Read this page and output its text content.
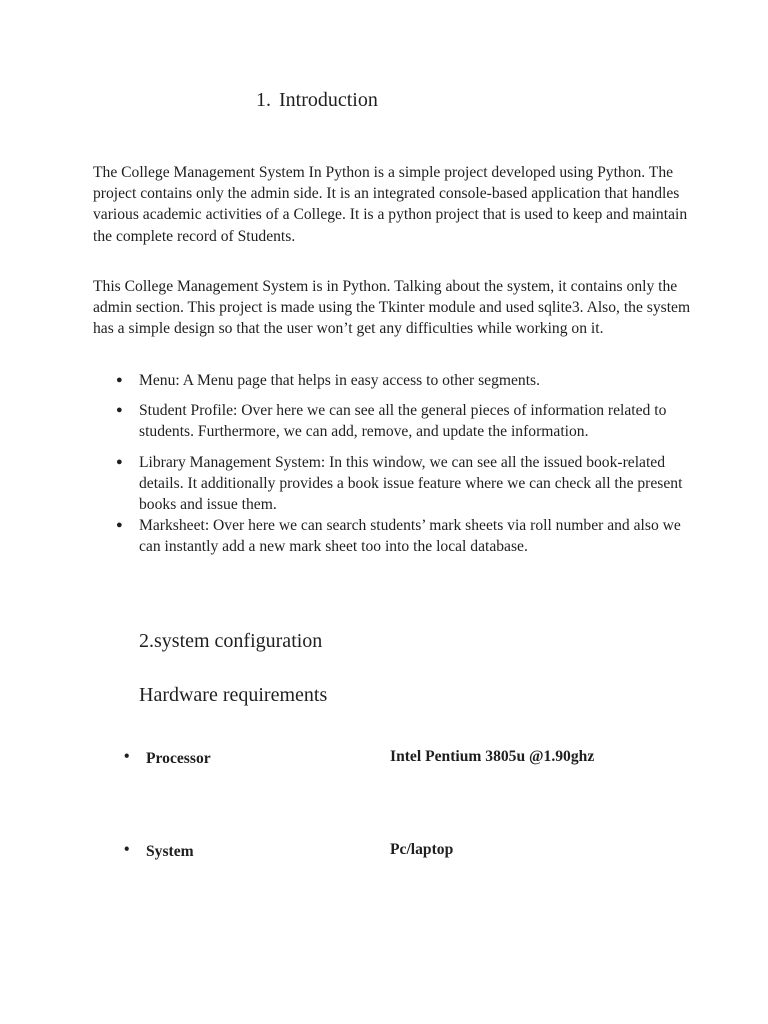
1. Introduction

The College Management System In Python is a simple project developed using Python. The project contains only the admin side. It is an integrated console-based application that handles various academic activities of a College. It is a python project that is used to keep and maintain the complete record of Students.

This College Management System is in Python. Talking about the system, it contains only the admin section. This project is made using the Tkinter module and used sqlite3. Also, the system has a simple design so that the user won’t get any difficulties while working on it.

● Menu: A Menu page that helps in easy access to other segments.
● Student Profile: Over here we can see all the general pieces of information related to students. Furthermore, we can add, remove, and update the information.
● Library Management System: In this window, we can see all the issued book-related details. It additionally provides a book issue feature where we can check all the present books and issue them.
● Marksheet: Over here we can search students’ mark sheets via roll number and also we can instantly add a new mark sheet too into the local database.
2.system configuration
Hardware requirements
• Processor	Intel Pentium 3805u @1.90ghz
• System	Pc/laptop
